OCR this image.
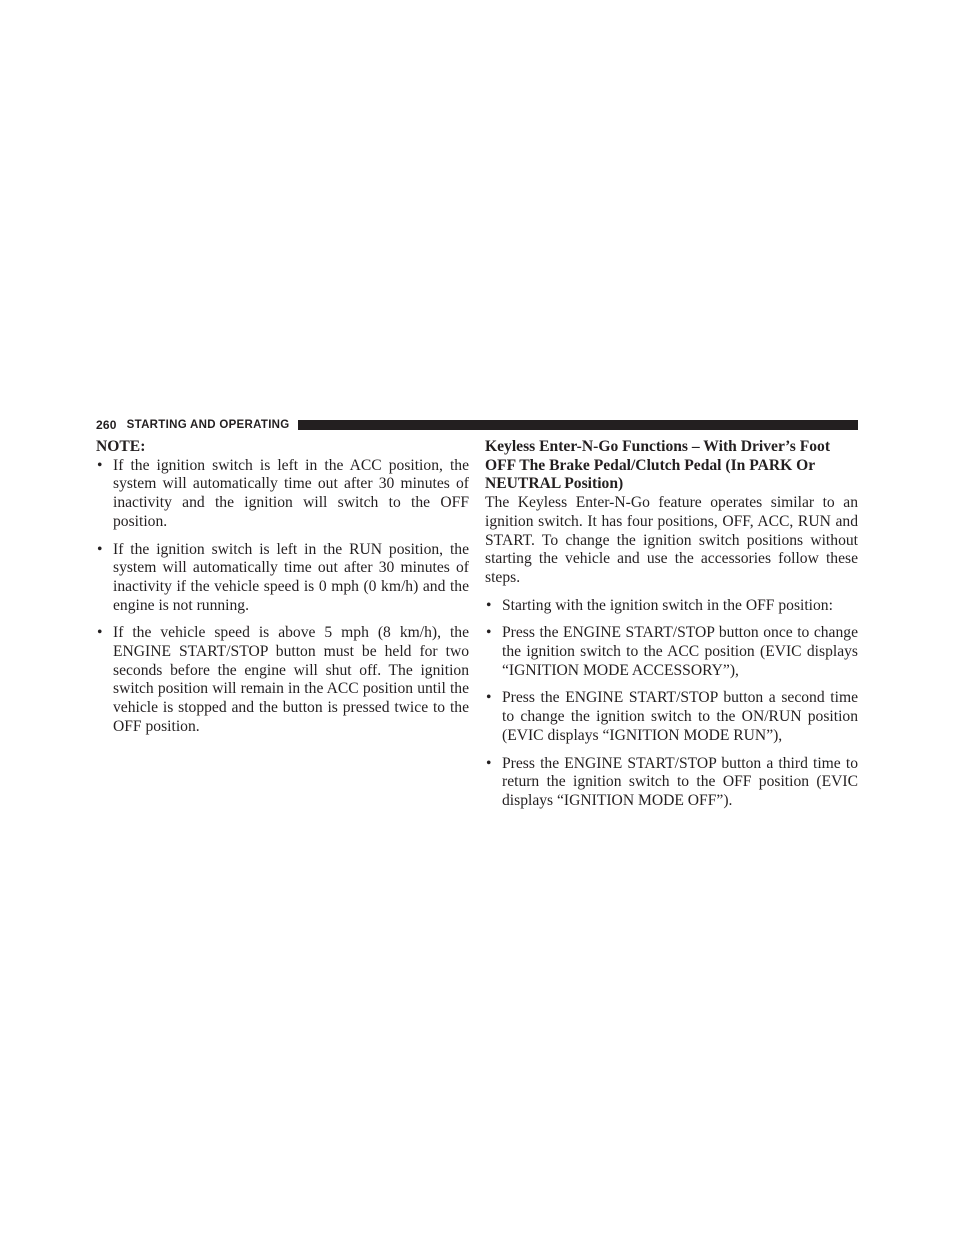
260 STARTING AND OPERATING

NOTE:

• If the ignition switch is left in the ACC position, the system will automatically time out after 30 minutes of inactivity and the ignition will switch to the OFF position.
• If the ignition switch is left in the RUN position, the system will automatically time out after 30 minutes of inactivity if the vehicle speed is 0 mph (0 km/h) and the engine is not running.
• If the vehicle speed is above 5 mph (8 km/h), the ENGINE START/STOP button must be held for two seconds before the engine will shut off. The ignition switch position will remain in the ACC position until the vehicle is stopped and the button is pressed twice to the OFF position.

Keyless Enter-N-Go Functions – With Driver’s Foot OFF The Brake Pedal/Clutch Pedal (In PARK Or NEUTRAL Position)

The Keyless Enter-N-Go feature operates similar to an ignition switch. It has four positions, OFF, ACC, RUN and START. To change the ignition switch positions without starting the vehicle and use the accessories follow these steps.

• Starting with the ignition switch in the OFF position:
• Press the ENGINE START/STOP button once to change the ignition switch to the ACC position (EVIC displays “IGNITION MODE ACCESSORY”),
• Press the ENGINE START/STOP button a second time to change the ignition switch to the ON/RUN position (EVIC displays “IGNITION MODE RUN”),
• Press the ENGINE START/STOP button a third time to return the ignition switch to the OFF position (EVIC displays “IGNITION MODE OFF”).
